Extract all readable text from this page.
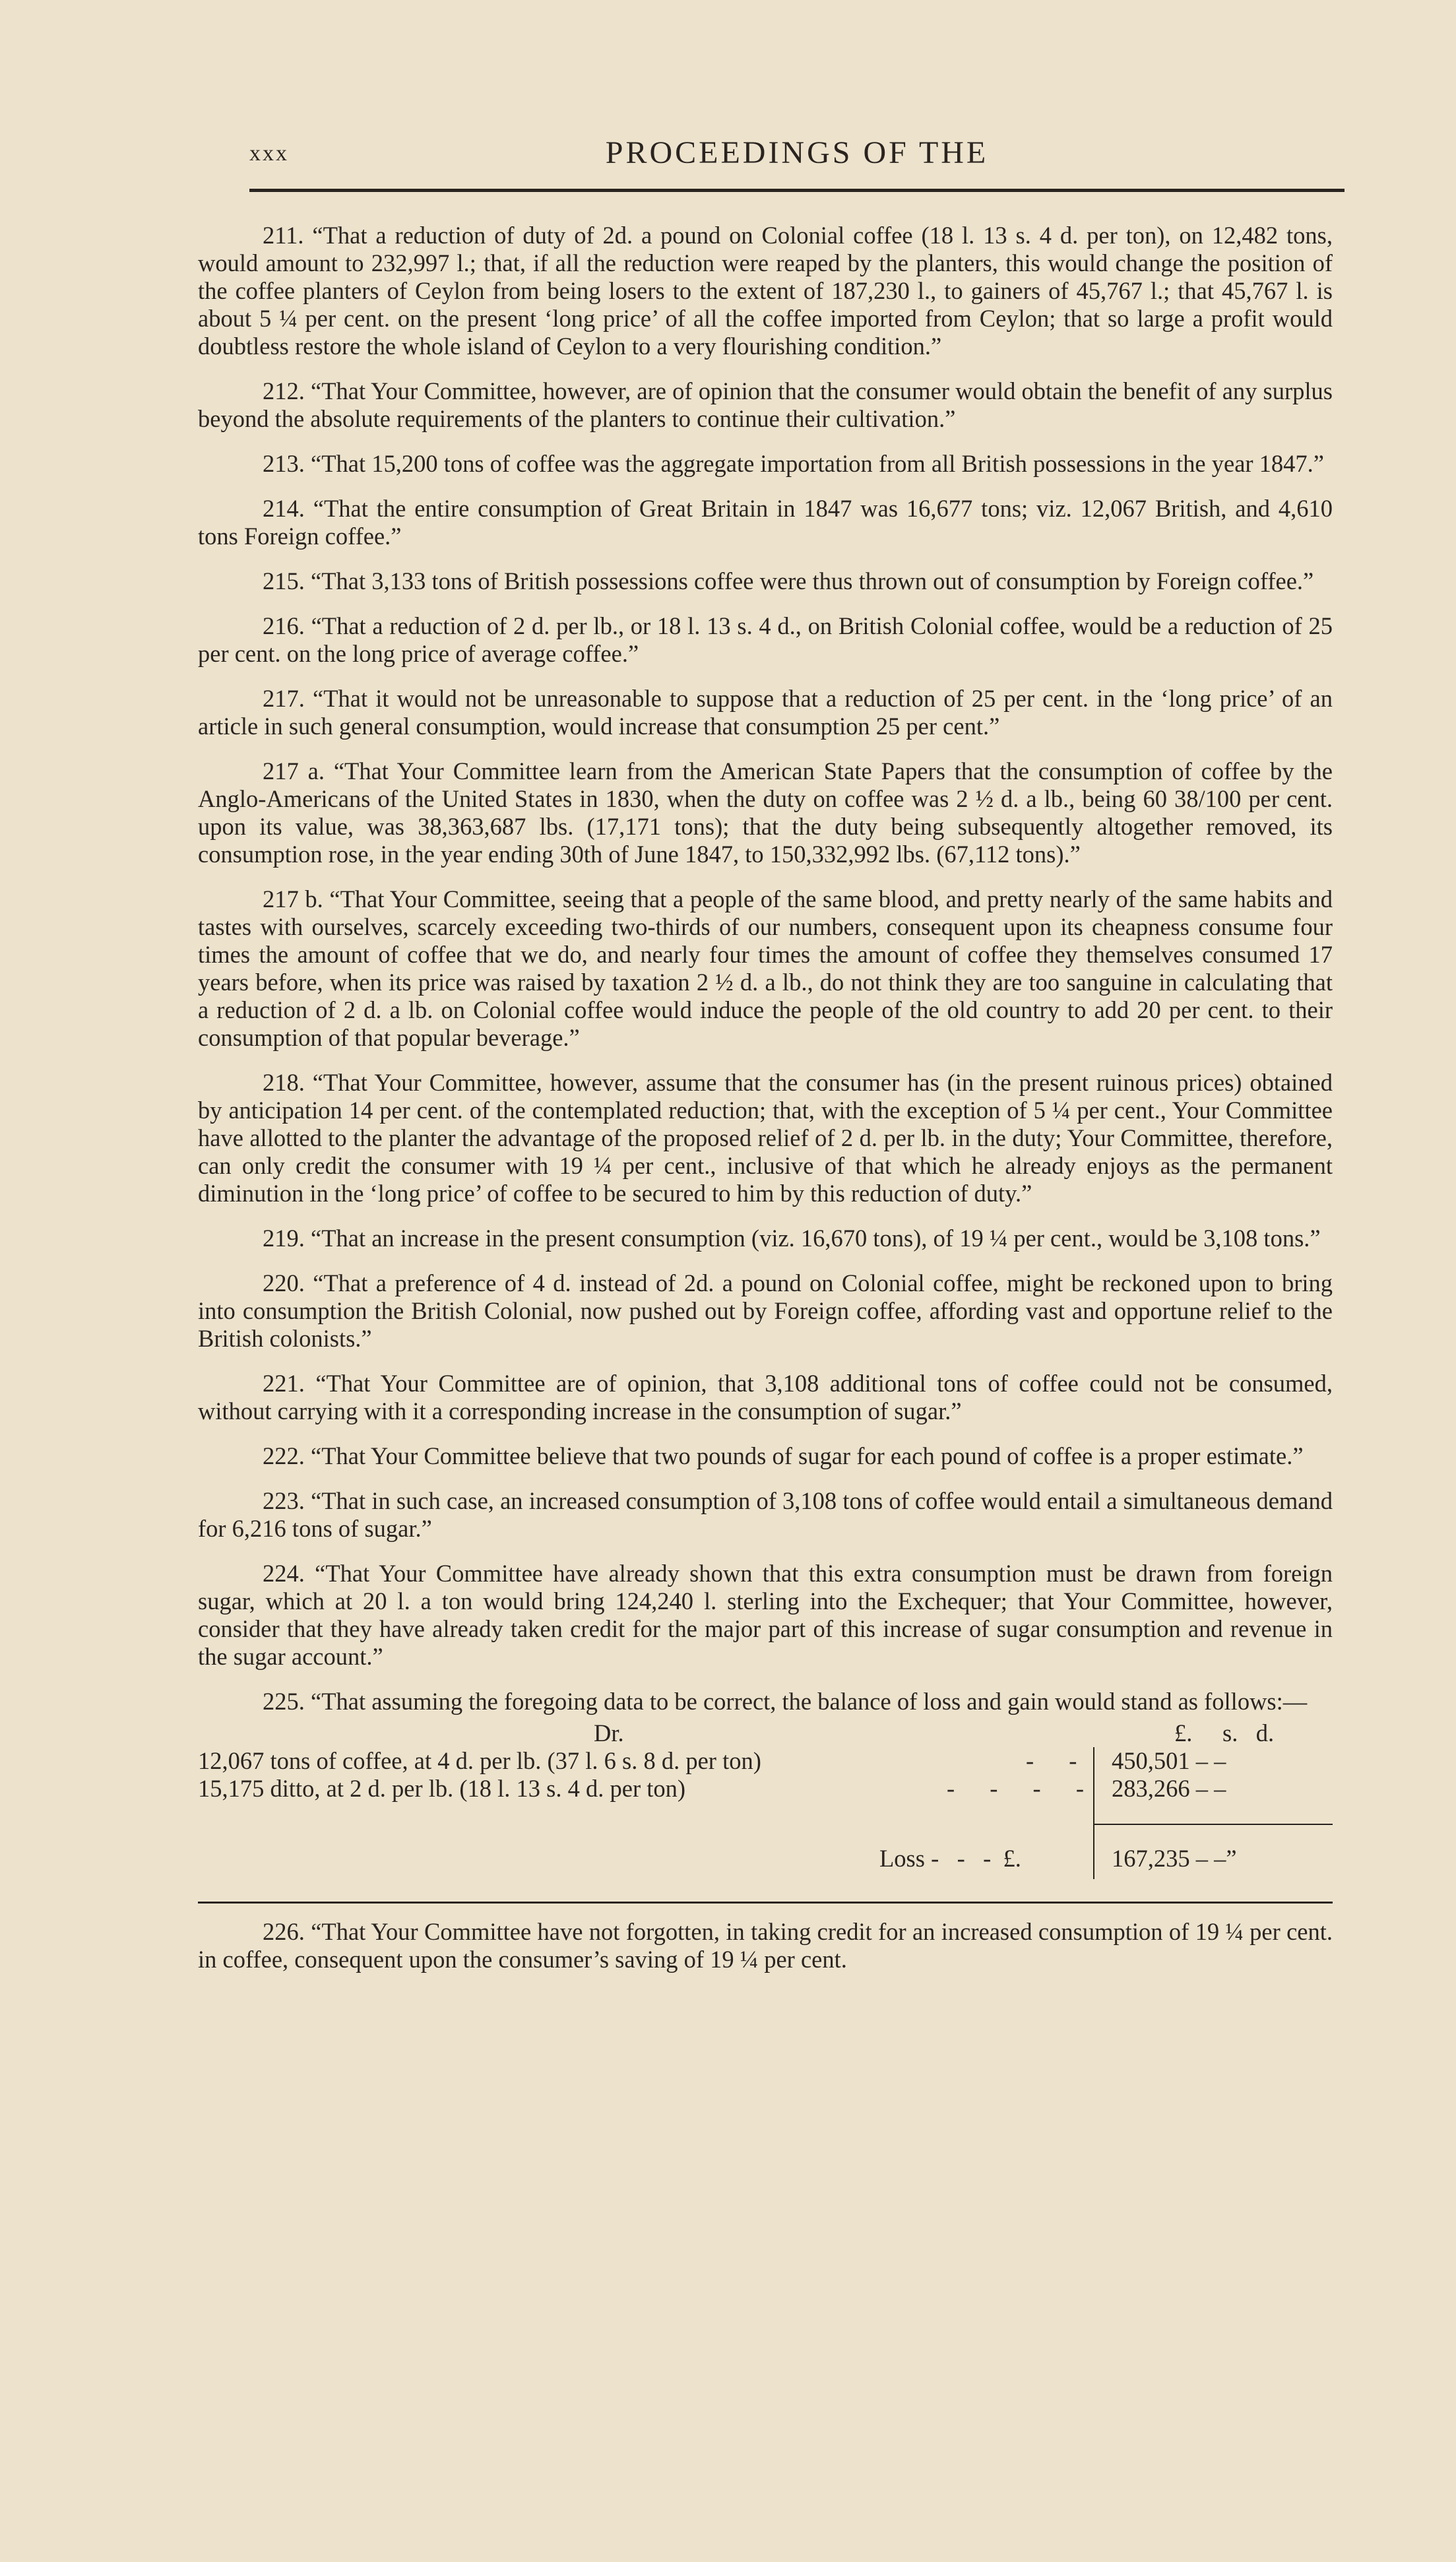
xxx	PROCEEDINGS OF THE

211. “That a reduction of duty of 2d. a pound on Colonial coffee (18 l. 13 s. 4 d. per ton), on 12,482 tons, would amount to 232,997 l.; that, if all the reduction were reaped by the planters, this would change the position of the coffee planters of Ceylon from being losers to the extent of 187,230 l., to gainers of 45,767 l.; that 45,767 l. is about 5 ¼ per cent. on the present ‘long price’ of all the coffee imported from Ceylon; that so large a profit would doubtless restore the whole island of Ceylon to a very flourishing condition.”

212. “That Your Committee, however, are of opinion that the consumer would obtain the benefit of any surplus beyond the absolute requirements of the planters to continue their cultivation.”

213. “That 15,200 tons of coffee was the aggregate importation from all British possessions in the year 1847.”

214. “That the entire consumption of Great Britain in 1847 was 16,677 tons; viz. 12,067 British, and 4,610 tons Foreign coffee.”

215. “That 3,133 tons of British possessions coffee were thus thrown out of consumption by Foreign coffee.”

216. “That a reduction of 2 d. per lb., or 18 l. 13 s. 4 d., on British Colonial coffee, would be a reduction of 25 per cent. on the long price of average coffee.”

217. “That it would not be unreasonable to suppose that a reduction of 25 per cent. in the ‘long price’ of an article in such general consumption, would increase that consumption 25 per cent.”

217 a. “That Your Committee learn from the American State Papers that the consumption of coffee by the Anglo-Americans of the United States in 1830, when the duty on coffee was 2 ½ d. a lb., being 60 38/100 per cent. upon its value, was 38,363,687 lbs. (17,171 tons); that the duty being subsequently altogether removed, its consumption rose, in the year ending 30th of June 1847, to 150,332,992 lbs. (67,112 tons).”

217 b. “That Your Committee, seeing that a people of the same blood, and pretty nearly of the same habits and tastes with ourselves, scarcely exceeding two-thirds of our numbers, consequent upon its cheapness consume four times the amount of coffee that we do, and nearly four times the amount of coffee they themselves consumed 17 years before, when its price was raised by taxation 2 ½ d. a lb., do not think they are too sanguine in calculating that a reduction of 2 d. a lb. on Colonial coffee would induce the people of the old country to add 20 per cent. to their consumption of that popular beverage.”

218. “That Your Committee, however, assume that the consumer has (in the present ruinous prices) obtained by anticipation 14 per cent. of the contemplated reduction; that, with the exception of 5 ¼ per cent., Your Committee have allotted to the planter the advantage of the proposed relief of 2 d. per lb. in the duty; Your Committee, therefore, can only credit the consumer with 19 ¼ per cent., inclusive of that which he already enjoys as the permanent diminution in the ‘long price’ of coffee to be secured to him by this reduction of duty.”

219. “That an increase in the present consumption (viz. 16,670 tons), of 19 ¼ per cent., would be 3,108 tons.”

220. “That a preference of 4 d. instead of 2d. a pound on Colonial coffee, might be reckoned upon to bring into consumption the British Colonial, now pushed out by Foreign coffee, affording vast and opportune relief to the British colonists.”

221. “That Your Committee are of opinion, that 3,108 additional tons of coffee could not be consumed, without carrying with it a corresponding increase in the consumption of sugar.”

222. “That Your Committee believe that two pounds of sugar for each pound of coffee is a proper estimate.”

223. “That in such case, an increased consumption of 3,108 tons of coffee would entail a simultaneous demand for 6,216 tons of sugar.”

224. “That Your Committee have already shown that this extra consumption must be drawn from foreign sugar, which at 20 l. a ton would bring 124,240 l. sterling into the Exchequer; that Your Committee, however, consider that they have already taken credit for the major part of this increase of sugar consumption and revenue in the sugar account.”

225. “That assuming the foregoing data to be correct, the balance of loss and gain would stand as follows:—

Dr.	£.     s.   d.
12,067 tons of coffee, at 4 d. per lb. (37 l. 6 s. 8 d. per ton)	- - 450,501 – –
15,175 ditto, at 2 d. per lb. (18 l. 13 s. 4 d. per ton)	- - - - 283,266 – –
Loss -   -   -  £.	167,235 – –”

226. “That Your Committee have not forgotten, in taking credit for an increased consumption of 19 ¼ per cent. in coffee, consequent upon the consumer’s saving of 19 ¼ per cent.
